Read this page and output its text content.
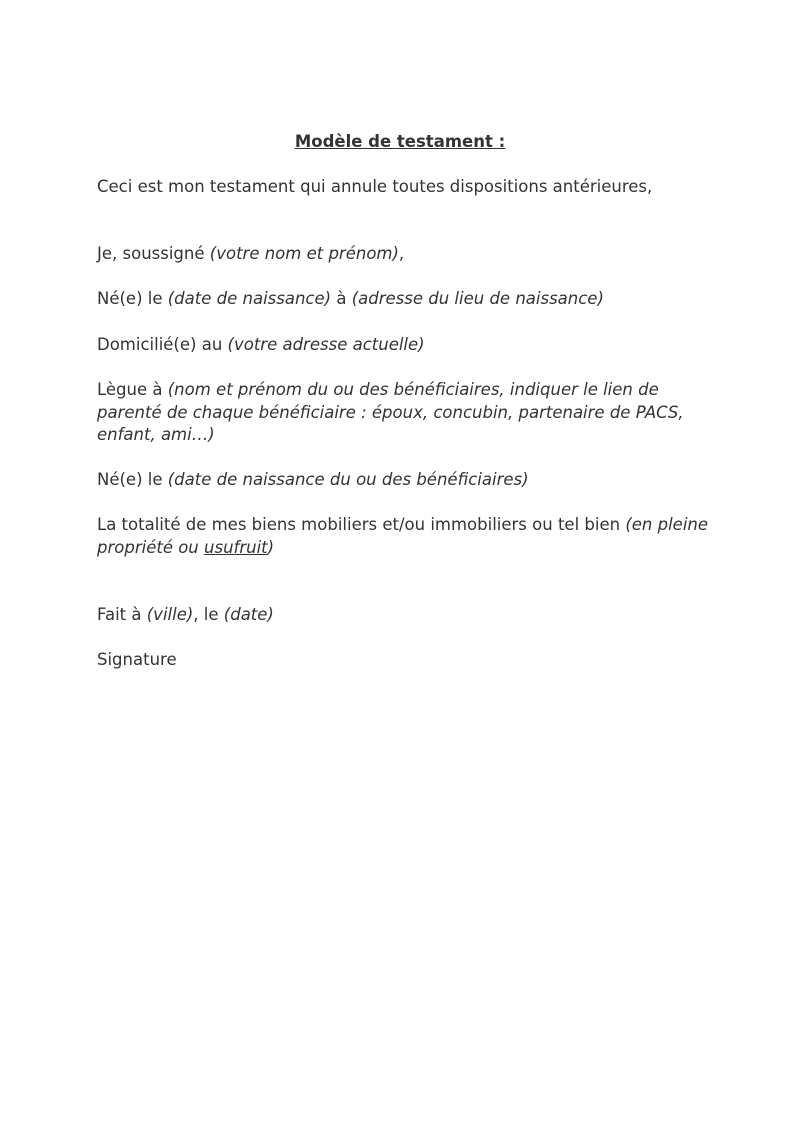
Modèle de testament :
Ceci est mon testament qui annule toutes dispositions antérieures,
Je, soussigné (votre nom et prénom),
Né(e) le (date de naissance) à (adresse du lieu de naissance)
Domicilié(e) au (votre adresse actuelle)
Lègue à (nom et prénom du ou des bénéficiaires, indiquer le lien de parenté de chaque bénéficiaire : époux, concubin, partenaire de PACS, enfant, ami…)
Né(e) le (date de naissance du ou des bénéficiaires)
La totalité de mes biens mobiliers et/ou immobiliers ou tel bien (en pleine propriété ou usufruit)
Fait à (ville), le (date)
Signature
